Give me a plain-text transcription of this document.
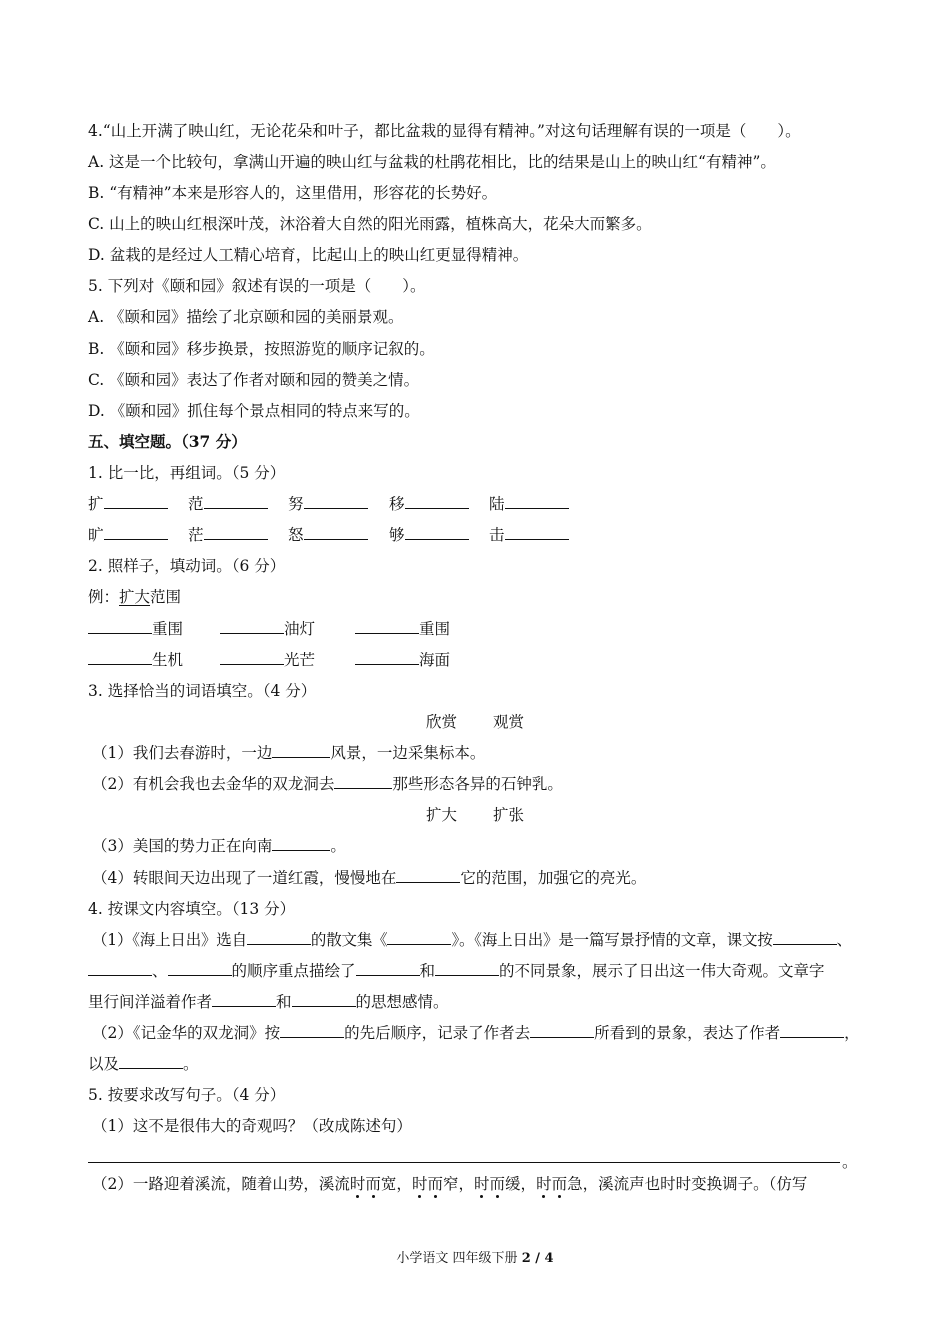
4.“山上开满了映山红，无论花朵和叶子，都比盆栽的显得有精神。”对这句话理解有误的一项是（　　）。
A. 这是一个比较句，拿满山开遍的映山红与盆栽的杜鹃花相比，比的结果是山上的映山红“有精神”。
B. “有精神”本来是形容人的，这里借用，形容花的长势好。
C. 山上的映山红根深叶茂，沐浴着大自然的阳光雨露，植株高大，花朵大而繁多。
D. 盆栽的是经过人工精心培育，比起山上的映山红更显得精神。
5. 下列对《颐和园》叙述有误的一项是（　　）。
A. 《颐和园》描绘了北京颐和园的美丽景观。
B. 《颐和园》移步换景，按照游览的顺序记叙的。
C. 《颐和园》表达了作者对颐和园的赞美之情。
D. 《颐和园》抓住每个景点相同的特点来写的。
五、填空题。（37 分）
1. 比一比，再组词。（5 分）
扩	范	努	移	陆
旷	茫	怒	够	击
2. 照样子，填动词。（6 分）
例：扩大范围
重围	油灯	重围
生机	光芒	海面
3. 选择恰当的词语填空。（4 分）
欣赏 观赏
（1）我们去春游时，一边	风景，一边采集标本。
（2）有机会我也去金华的双龙洞去	那些形态各异的石钟乳。
扩大 扩张
（3）美国的势力正在向南	。
（4）转眼间天边出现了一道红霞，慢慢地在	它的范围，加强它的亮光。
4. 按课文内容填空。（13 分）
（1）《海上日出》选自	的散文集《	》。《海上日出》是一篇写景抒情的文章，课文按	、
、	的顺序重点描绘了	和	的不同景象，展示了日出这一伟大奇观。文章字
里行间洋溢着作者	和	的思想感情。
（2）《记金华的双龙洞》按	的先后顺序，记录了作者去	所看到的景象，表达了作者	，
以及	。
5. 按要求改写句子。（4 分）
（1）这不是很伟大的奇观吗？（改成陈述句）
。
（2）一路迎着溪流，随着山势，溪流时而宽，时而窄，时而缓，时而急，溪流声也时时变换调子。（仿写
小学语文 四年级下册 2 / 4
